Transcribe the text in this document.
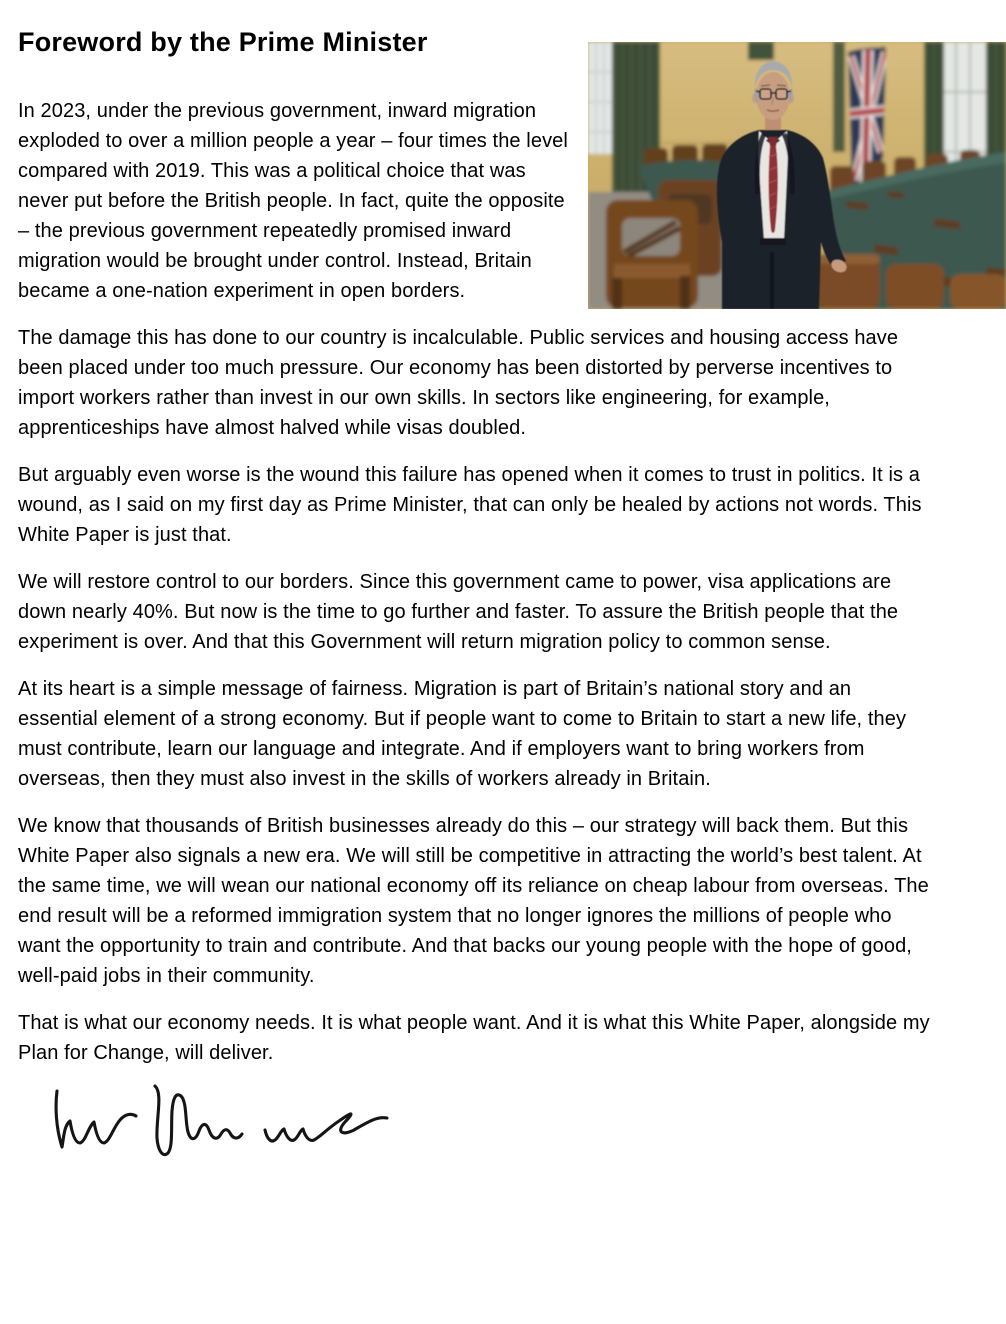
Foreword by the Prime Minister

In 2023, under the previous government, inward migration exploded to over a million people a year – four times the level compared with 2019. This was a political choice that was never put before the British people. In fact, quite the opposite – the previous government repeatedly promised inward migration would be brought under control. Instead, Britain became a one-nation experiment in open borders.

The damage this has done to our country is incalculable. Public services and housing access have been placed under too much pressure. Our economy has been distorted by perverse incentives to import workers rather than invest in our own skills. In sectors like engineering, for example, apprenticeships have almost halved while visas doubled.

But arguably even worse is the wound this failure has opened when it comes to trust in politics. It is a wound, as I said on my first day as Prime Minister, that can only be healed by actions not words. This White Paper is just that.

We will restore control to our borders. Since this government came to power, visa applications are down nearly 40%. But now is the time to go further and faster. To assure the British people that the experiment is over. And that this Government will return migration policy to common sense.

At its heart is a simple message of fairness. Migration is part of Britain’s national story and an essential element of a strong economy. But if people want to come to Britain to start a new life, they must contribute, learn our language and integrate. And if employers want to bring workers from overseas, then they must also invest in the skills of workers already in Britain.

We know that thousands of British businesses already do this – our strategy will back them. But this White Paper also signals a new era. We will still be competitive in attracting the world’s best talent. At the same time, we will wean our national economy off its reliance on cheap labour from overseas. The end result will be a reformed immigration system that no longer ignores the millions of people who want the opportunity to train and contribute. And that backs our young people with the hope of good, well-paid jobs in their community.

That is what our economy needs. It is what people want. And it is what this White Paper, alongside my Plan for Change, will deliver.
